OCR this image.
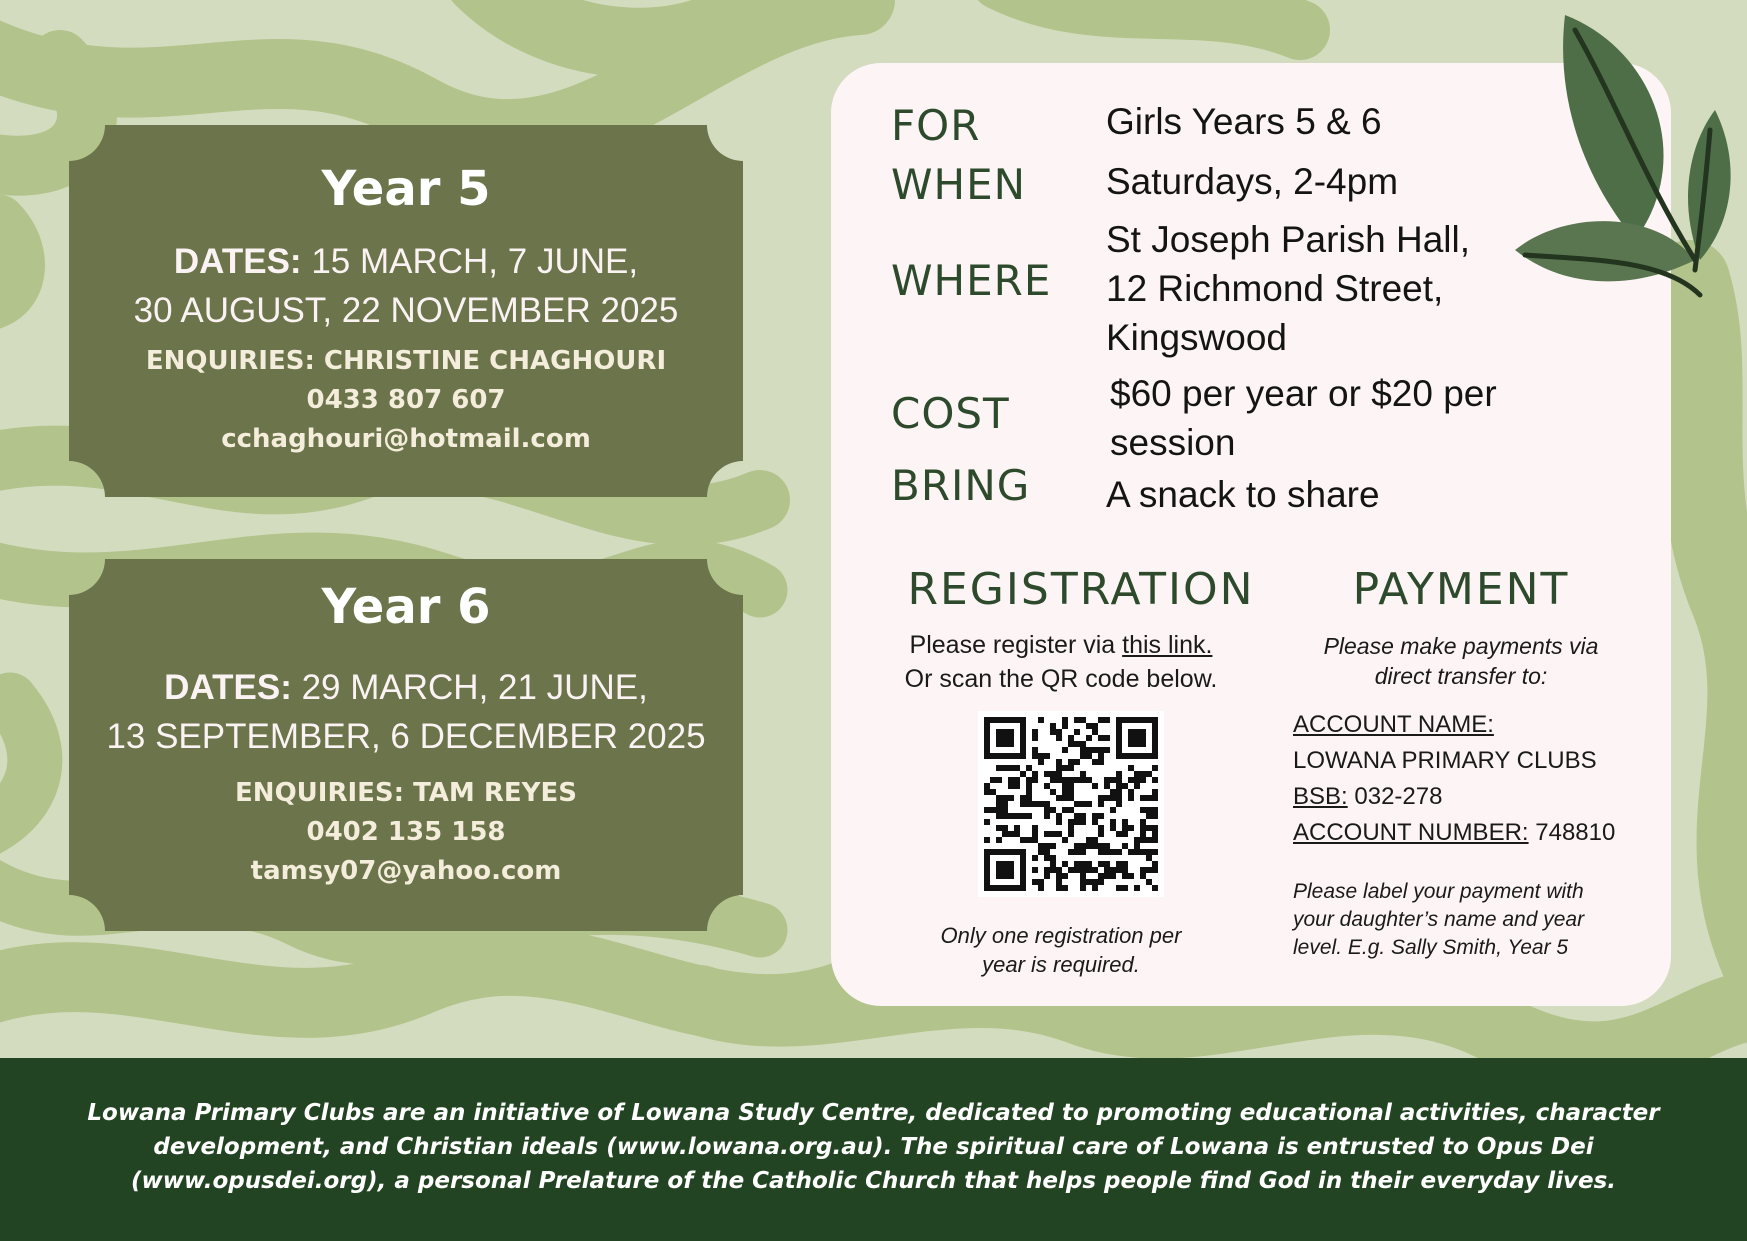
Year 5
DATES: 15 MARCH, 7 JUNE,
30 AUGUST, 22 NOVEMBER 2025
ENQUIRIES: CHRISTINE CHAGHOURI
0433 807 607
cchaghouri@hotmail.com
Year 6
DATES: 29 MARCH, 21 JUNE,
13 SEPTEMBER, 6 DECEMBER 2025
ENQUIRIES: TAM REYES
0402 135 158
tamsy07@yahoo.com
FOR	Girls Years 5 & 6
WHEN Saturdays, 2-4pm
WHERE
St Joseph Parish Hall,
12 Richmond Street,
Kingswood
COST	$60 per year or $20 per
session
BRING A snack to share
REGISTRATION
Please register via this link.
Or scan the QR code below.
Only one registration per
year is required.
PAYMENT
Please make payments via
direct transfer to:
ACCOUNT NAME:
LOWANA PRIMARY CLUBS
BSB: 032-278
ACCOUNT NUMBER: 748810
Please label your payment with
your daughter’s name and year
level. E.g. Sally Smith, Year 5

Lowana Primary Clubs are an initiative of Lowana Study Centre, dedicated to promoting educational activities, character
development, and Christian ideals (www.lowana.org.au). The spiritual care of Lowana is entrusted to Opus Dei
(www.opusdei.org), a personal Prelature of the Catholic Church that helps people find God in their everyday lives.
